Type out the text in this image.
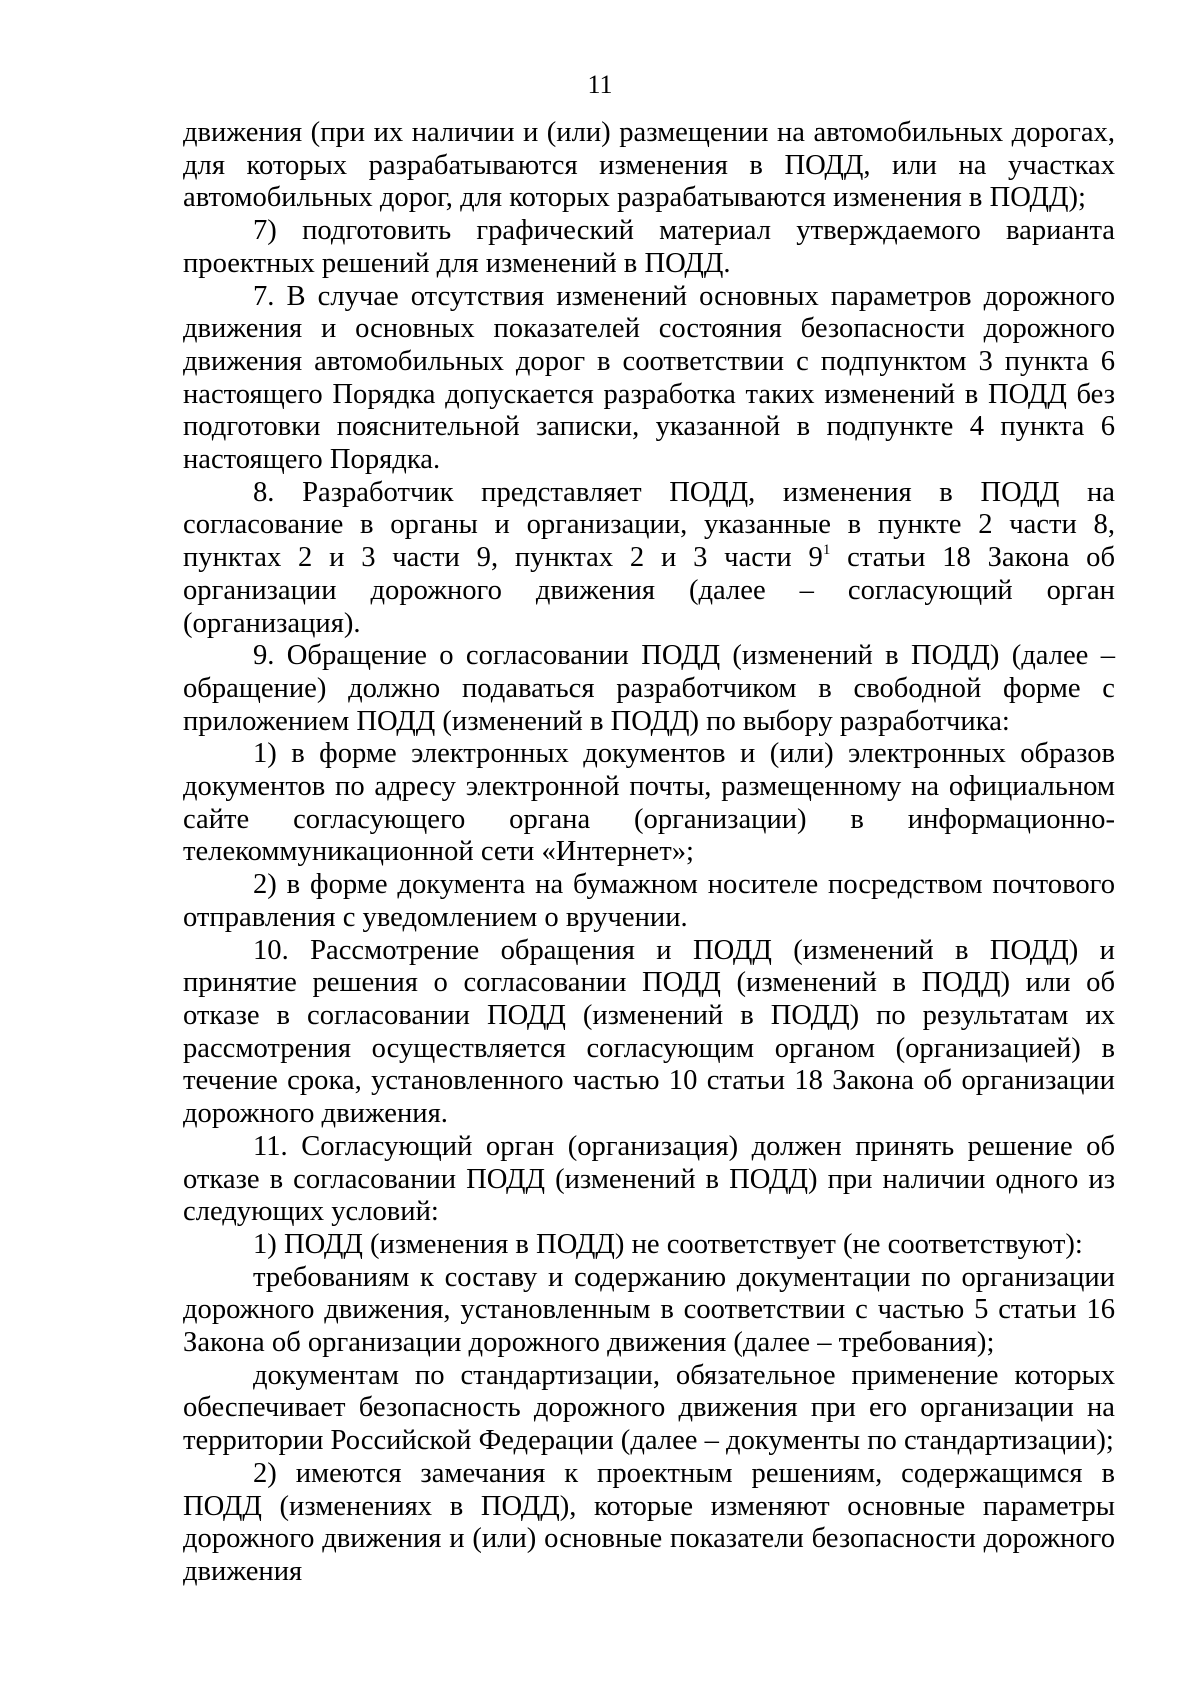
11

движения (при их наличии и (или) размещении на автомобильных дорогах, для которых разрабатываются изменения в ПОДД, или на участках автомобильных дорог, для которых разрабатываются изменения в ПОДД);

7) подготовить графический материал утверждаемого варианта проектных решений для изменений в ПОДД.

7. В случае отсутствия изменений основных параметров дорожного движения и основных показателей состояния безопасности дорожного движения автомобильных дорог в соответствии с подпунктом 3 пункта 6 настоящего Порядка допускается разработка таких изменений в ПОДД без подготовки пояснительной записки, указанной в подпункте 4 пункта 6 настоящего Порядка.

8. Разработчик представляет ПОДД, изменения в ПОДД на согласование в органы и организации, указанные в пункте 2 части 8, пунктах 2 и 3 части 9, пунктах 2 и 3 части $9^1$ статьи 18 Закона об организации дорожного движения (далее – согласующий орган (организация).

9. Обращение о согласовании ПОДД (изменений в ПОДД) (далее – обращение) должно подаваться разработчиком в свободной форме с приложением ПОДД (изменений в ПОДД) по выбору разработчика:

1) в форме электронных документов и (или) электронных образов документов по адресу электронной почты, размещенному на официальном сайте согласующего органа (организации) в информационно-телекоммуникационной сети «Интернет»;

2) в форме документа на бумажном носителе посредством почтового отправления с уведомлением о вручении.

10. Рассмотрение обращения и ПОДД (изменений в ПОДД) и принятие решения о согласовании ПОДД (изменений в ПОДД) или об отказе в согласовании ПОДД (изменений в ПОДД) по результатам их рассмотрения осуществляется согласующим органом (организацией) в течение срока, установленного частью 10 статьи 18 Закона об организации дорожного движения.

11. Согласующий орган (организация) должен принять решение об отказе в согласовании ПОДД (изменений в ПОДД) при наличии одного из следующих условий:

1) ПОДД (изменения в ПОДД) не соответствует (не соответствуют):

требованиям к составу и содержанию документации по организации дорожного движения, установленным в соответствии с частью 5 статьи 16 Закона об организации дорожного движения (далее – требования);

документам по стандартизации, обязательное применение которых обеспечивает безопасность дорожного движения при его организации на территории Российской Федерации (далее – документы по стандартизации);

2) имеются замечания к проектным решениям, содержащимся в ПОДД (изменениях в ПОДД), которые изменяют основные параметры дорожного движения и (или) основные показатели безопасности дорожного движения
